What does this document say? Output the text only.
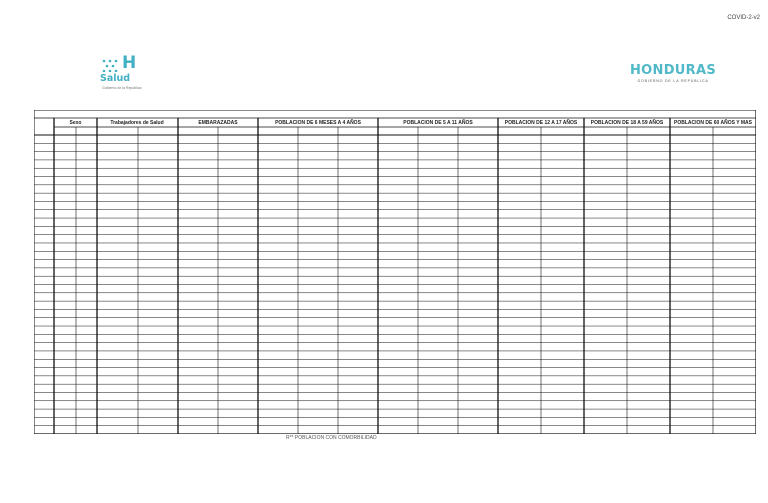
COVID-2-v2
H
Salud
Gobierno de la República
HONDURAS
GOBIERNO DE LA REPÚBLICA
Sexo	Trabajadores de Salud	EMBARAZADAS	POBLACION DE 6 MESES A 4 AÑOS	POBLACION DE 5 A 11 AÑOS	POBLACION DE 12 A 17 AÑOS	POBLACION DE 18 A 59 AÑOS	POBLACION DE 60 AÑOS Y MAS
R** POBLACION CON COMORBILIDAD
